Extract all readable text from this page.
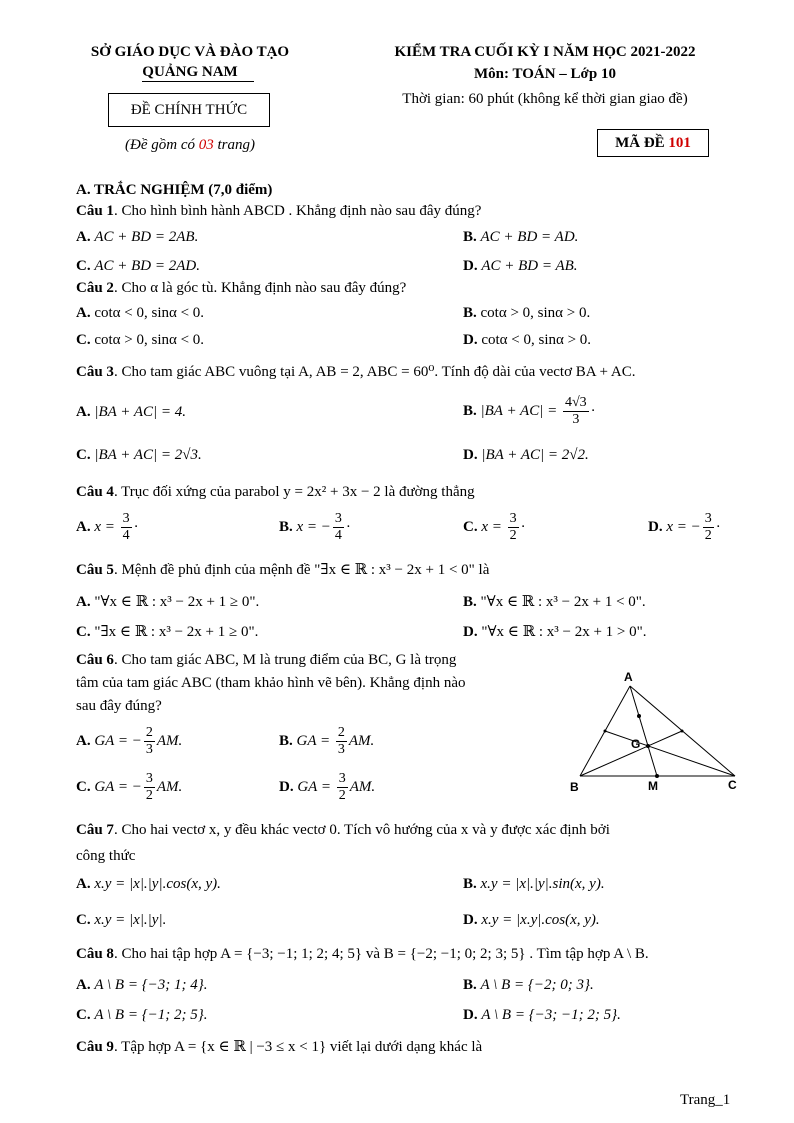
SỞ GIÁO DỤC VÀ ĐÀO TẠO
QUẢNG NAM
ĐỀ CHÍNH THỨC
(Đề gồm có 03 trang)
KIỂM TRA CUỐI KỲ I NĂM HỌC 2021-2022
Môn: TOÁN – Lớp 10
Thời gian: 60 phút (không kể thời gian giao đề)
MÃ ĐỀ 101
A. TRẮC NGHIỆM (7,0 điểm)
Câu 1. Cho hình bình hành ABCD . Khẳng định nào sau đây đúng?
A. AC + BD = 2AB.	B. AC + BD = AD.
C. AC + BD = 2AD.	D. AC + BD = AB.
Câu 2. Cho α là góc tù. Khẳng định nào sau đây đúng?
A. cotα < 0, sinα < 0.	B. cotα > 0, sinα > 0.
C. cotα > 0, sinα < 0.	D. cotα < 0, sinα > 0.
Câu 3. Cho tam giác ABC vuông tại A, AB = 2, ABC = 60⁰. Tính độ dài của vectơ BA + AC.
A. |BA + AC| = 4.	B. $|BA + AC| = \frac{4√3}{3}$ ·
C. |BA + AC| = 2√3.	D. |BA + AC| = 2√2.
Câu 4. Trục đối xứng của parabol y = 2x² + 3x − 2 là đường thẳng
A. $x = \frac{3}{4}$ ·	B. x = − $\frac{3}{4}$ ·	C. $x = \frac{3}{2}$ ·	D. x = − $\frac{3}{2}$ ·
Câu 5. Mệnh đề phủ định của mệnh đề "∃x ∈ ℝ : x³ − 2x + 1 < 0" là
A. "∀x ∈ ℝ : x³ − 2x + 1 ≥ 0".	B. "∀x ∈ ℝ : x³ − 2x + 1 < 0".
C. "∃x ∈ ℝ : x³ − 2x + 1 ≥ 0".	D. "∀x ∈ ℝ : x³ − 2x + 1 > 0".
Câu 6. Cho tam giác ABC, M là trung điểm của BC, G là trọng
tâm của tam giác ABC (tham khảo hình vẽ bên). Khẳng định nào
sau đây đúng?
A. GA = − $\frac{2}{3}$ AM.	B. GA = $\frac{2}{3}$ AM.
C. GA = − $\frac{3}{2}$ AM.	D. GA = $\frac{3}{2}$ AM.
A
B	C
G
M
Câu 7. Cho hai vectơ x, y đều khác vectơ 0. Tích vô hướng của x và y được xác định bởi
công thức
A. x.y = |x|.|y|.cos(x, y).	B. x.y = |x|.|y|.sin(x, y).
C. x.y = |x|.|y|.	D. x.y = |x.y|.cos(x, y).
Câu 8. Cho hai tập hợp A = {−3; −1; 1; 2; 4; 5} và B = {−2; −1; 0; 2; 3; 5} . Tìm tập hợp A \ B.
A. A \ B = {−3; 1; 4}.	B. A \ B = {−2; 0; 3}.
C. A \ B = {−1; 2; 5}.	D. A \ B = {−3; −1; 2; 5}.
Câu 9. Tập hợp A = {x ∈ ℝ | −3 ≤ x < 1} viết lại dưới dạng khác là
Trang_1
